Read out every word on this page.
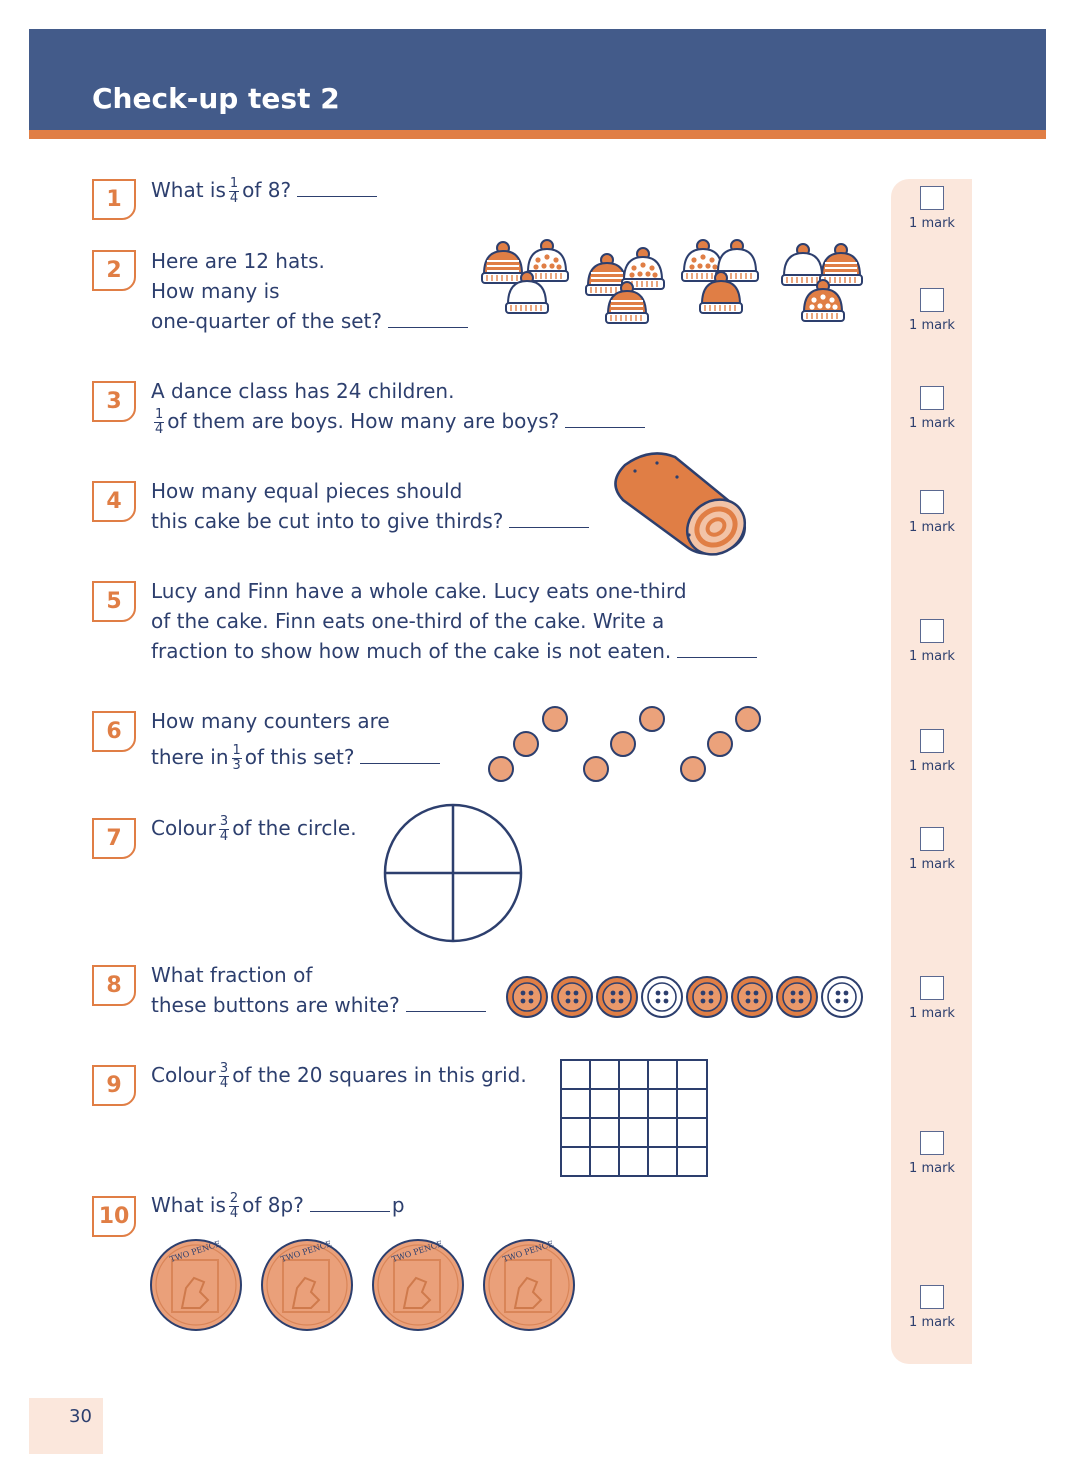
Check-up test 2
1 mark
1 mark
1 mark
1 mark
1 mark
1 mark
1 mark
1 mark
1 mark
1 mark
1	What is $\frac{1}{4}$ of 8?
2	Here are 12 hats.
How many is
one-quarter of the set?
3	A dance class has 24 children.
$\frac{1}{4}$ of them are boys. How many are boys?
4	How many equal pieces should
this cake be cut into to give thirds?
5	Lucy and Finn have a whole cake. Lucy eats one-third
of the cake. Finn eats one-third of the cake. Write a
fraction to show how much of the cake is not eaten.
6	How many counters are
there in $\frac{1}{3}$ of this set?
7	Colour $\frac{3}{4}$ of the circle.
8	What fraction of
these buttons are white?
9	Colour $\frac{3}{4}$ of the 20 squares in this grid.
10	What is $\frac{2}{4}$ of 8p?	p
TWO PENCE	TWO PENCE	TWO PENCE	TWO PENCE
30
